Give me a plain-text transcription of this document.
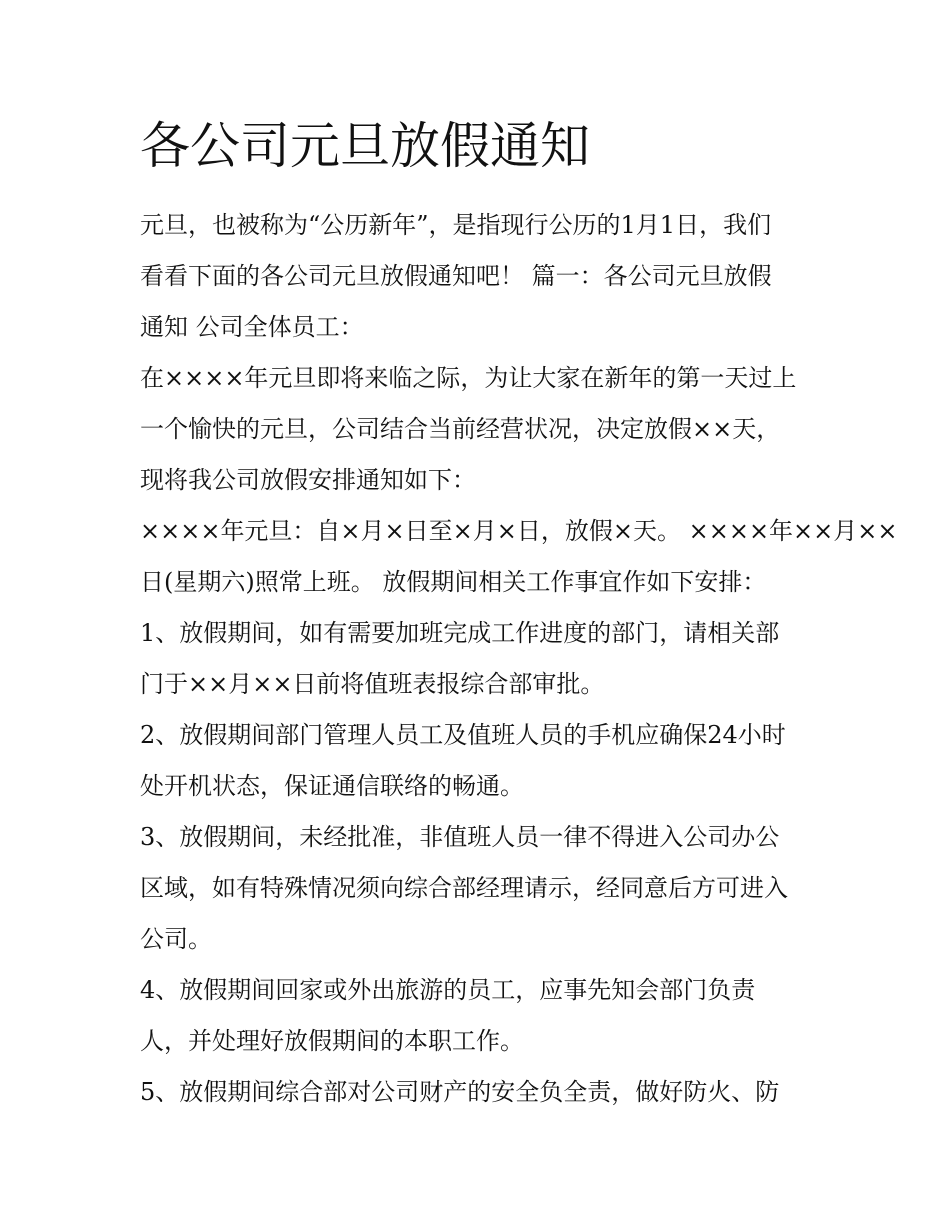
各公司元旦放假通知

元旦，也被称为“公历新年”，是指现行公历的1月1日，我们

看看下面的各公司元旦放假通知吧！ 篇一：各公司元旦放假

通知 公司全体员工：

在××××年元旦即将来临之际，为让大家在新年的第一天过上

一个愉快的元旦，公司结合当前经营状况，决定放假××天，

现将我公司放假安排通知如下：

××××年元旦：自×月×日至×月×日，放假×天。 ××××年××月××

日(星期六)照常上班。 放假期间相关工作事宜作如下安排：

1、放假期间，如有需要加班完成工作进度的部门，请相关部

门于××月××日前将值班表报综合部审批。

2、放假期间部门管理人员工及值班人员的手机应确保24小时

处开机状态，保证通信联络的畅通。

3、放假期间，未经批准，非值班人员一律不得进入公司办公

区域，如有特殊情况须向综合部经理请示，经同意后方可进入

公司。

4、放假期间回家或外出旅游的员工，应事先知会部门负责

人，并处理好放假期间的本职工作。

5、放假期间综合部对公司财产的安全负全责，做好防火、防
